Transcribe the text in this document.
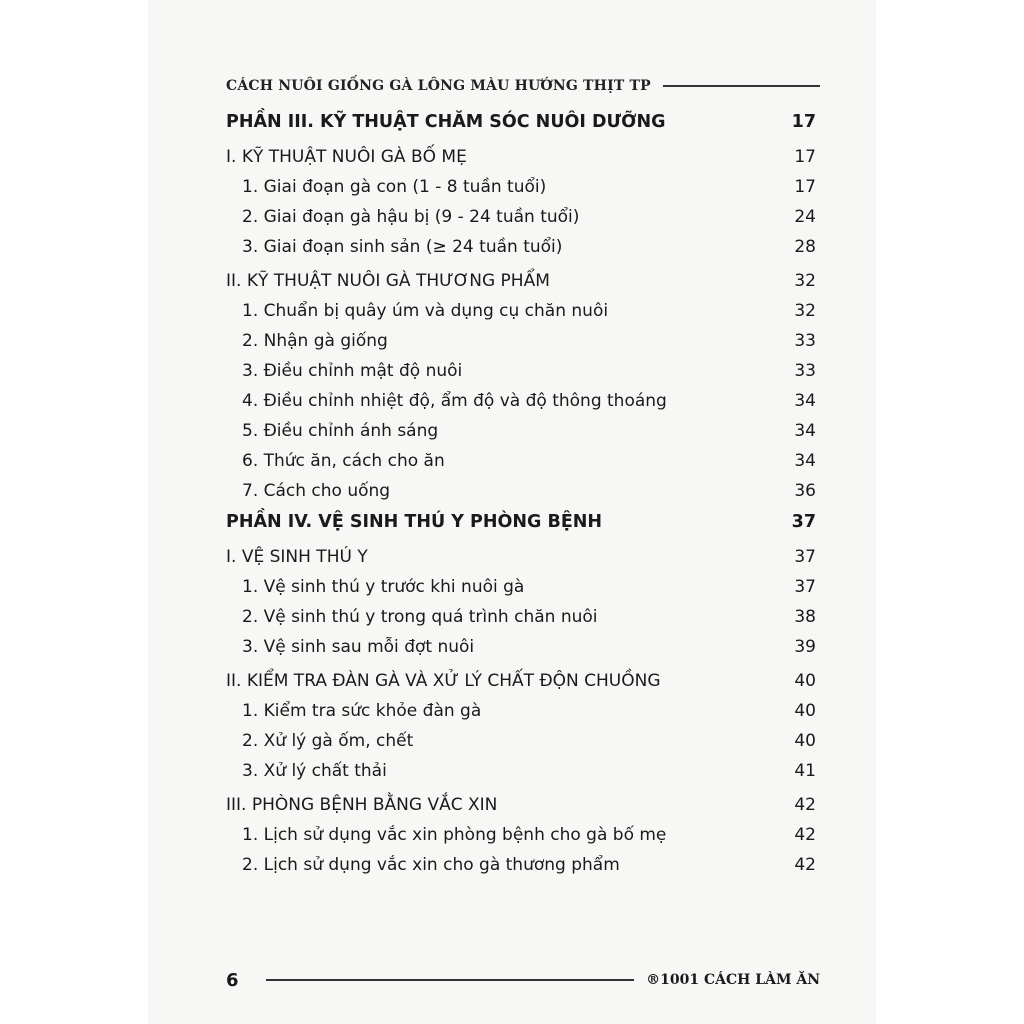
CÁCH NUÔI GIỐNG GÀ LÔNG MÀU HƯỚNG THỊT TP
PHẦN III. KỸ THUẬT CHĂM SÓC NUÔI DƯỠNG	17
I. KỸ THUẬT NUÔI GÀ BỐ MẸ	17
1. Giai đoạn gà con (1 - 8 tuần tuổi)	17
2. Giai đoạn gà hậu bị (9 - 24 tuần tuổi)	24
3. Giai đoạn sinh sản (≥ 24 tuần tuổi)	28
II. KỸ THUẬT NUÔI GÀ THƯƠNG PHẨM	32
1. Chuẩn bị quây úm và dụng cụ chăn nuôi	32
2. Nhận gà giống	33
3. Điều chỉnh mật độ nuôi	33
4. Điều chỉnh nhiệt độ, ẩm độ và độ thông thoáng	34
5. Điều chỉnh ánh sáng	34
6. Thức ăn, cách cho ăn	34
7. Cách cho uống	36
PHẦN IV. VỆ SINH THÚ Y PHÒNG BỆNH	37
I. VỆ SINH THÚ Y	37
1. Vệ sinh thú y trước khi nuôi gà	37
2. Vệ sinh thú y trong quá trình chăn nuôi	38
3. Vệ sinh sau mỗi đợt nuôi	39
II. KIỂM TRA ĐÀN GÀ VÀ XỬ LÝ CHẤT ĐỘN CHUỒNG	40
1. Kiểm tra sức khỏe đàn gà	40
2. Xử lý gà ốm, chết	40
3. Xử lý chất thải	41
III. PHÒNG BỆNH BẰNG VẮC XIN	42
1. Lịch sử dụng vắc xin phòng bệnh cho gà bố mẹ	42
2. Lịch sử dụng vắc xin cho gà thương phẩm	42
6	®1001 CÁCH LÀM ĂN
